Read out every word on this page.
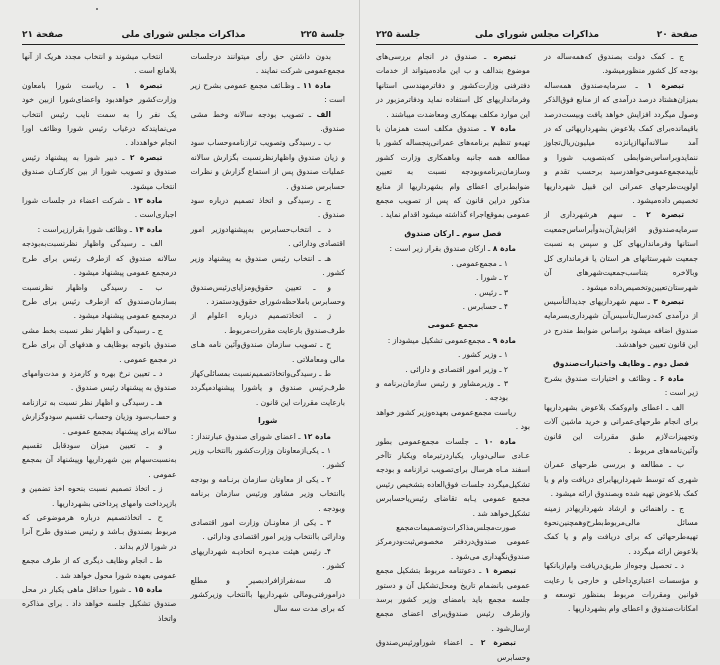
جلسة ۲۲۵
مذاکرات مجلس شورای ملی
صفحة ۲۱

بدون داشتن حق رأی میتوانند درجلسات مجمع‌عمومی شرکت نمایند .

مادة ۱۱ ـ وظـائف مجمع عمومی بشرح زیر است :

الف ـ تصویب بودجه سالانه وخط مشی صندوق.

ب ـ رسیدگی وتصویب ترازنامه‌وحساب سود و زیان صندوق واظهارنظرنسبت بگزارش سالانه عملیات صندوق پس از استماع گزارش و نظرات حسابرس صندوق .

ج ـ رسیدگی و اتخاذ تصمیم درباره سود صندوق .

د ـ انتخاب‌حسابرس به‌پیشنهادوزیر امور اقتصادی ودارائی .

هـ ـ انتخاب رئیس صندوق به پیشنهاد وزیر کشور .

و ـ تعیین حقوق‌ومزایای‌رئیس‌صندوق وحسابرس باملاحظه‌شورای حقوق‌ودستمزد .

ز ـ اتخاذتصمیم درباره اعلوام از طرف‌صندوق بارعایت مقررات‌مربوط .

ح ـ تصویب سازمان صندوق‌وآئین نامه هـای مالی ومعاملاتی .

ط ـ رسیدگی‌واتخاذتصمیم‌نسبت بمسائلی‌کهاز طرف‌رئیس صندوق و یاشورا پیشنهادمیگردد بارعایت مقررات این قانون .

شورا

مادة ۱۲ ـ اعضای شورای صندوق عبارتنداز :

۱ ـ یکی‌ازمعاونان وزارت‌کشور باانتخاب وزیر کشور .

۲ ـ یکی از معاونان سازمان برنـامه و بودجه باانتخاب وزیر مشاور ورئیس سازمان برنامه وبودجه .

۳ ـ یکی از معاونـان وزارت امور اقتصادی ودارائی باانتخاب وزیر امور اقتصادی ودارائی .

۴ـ رئیس هیئت مدیـره اتحادیـه شهرداریهای کشور .

۵ـ سه‌نفرازافرادبصیر و مطلع درامورفنی‌ومالی شهرداریها باانتخاب وزیرکشور که برای مدت سه سال

انتخاب میشوند و انتخاب مجدد هریک از آنها بلامانع است .

تبصرة ۱ ـ ریاست شورا بامعاون وزارت‌کشور خواهدبود واعضای‌شورا ازبین خود یک نفر را به سمت نایب رئیس انتخاب می‌نمایندکه درغیاب رئیس شورا وظائف اورا انجام خواهدداد .

تبصرة ۲ ـ دبیر شورا به پیشنهاد رئیس صندوق و تصویب شورا از بین کارکنـان صندوق انتخاب میشود.

مادة ۱۳ ـ شرکت اعضاء در جلسات شورا اجباری‌است .

مادة ۱۴ ـ وظائف شورا بقرارزیراست :

الف ـ رسیدگی واظهار نظرنسبت‌به‌بودجه سالانه صندوق که ازطرف رئیس برای طرح درمجمع عمومی پیشنهاد میشود .

ب ـ رسیدگی واظهار نظرنسبت بسازمان‌صندوق که ازطرف رئیس برای طرح درمجمع عمومی پیشنهاد میشود .

ج ـ رسیدگی و اظهار نظر نسبت بخط مشی صندوق باتوجه بوظایف و هدفهای آن برای طرح در مجمع عمومی .

د ـ تعیین نرخ بهره و کارمزد و مدت‌وامهای صندوق به پیشنهاد رئیس صندوق .

هـ ـ رسیدگی و اظهار نظر نسبت به ترازنامه و حساب‌سود وزیان وحساب تقسیم سودوگزارش سالانه برای پیشنهاد بمجمع عمومی .

و ـ تعیین میزان سودقابل تقسیم به‌نسبت‌سهام بین شهرداریها وپیشنهاد آن بمجمع عمومی .

ز ـ اتخاذ تصمیم نسبت بنحوه اخذ تضمین و بازپرداخت وامهای پرداختی بشهرداریها .

ح ـ اتخاذتصمیم درباره هرموضوعی که مربوط بصندوق بـاشد و رئیس صندوق طرح آنرا در شورا لازم بداند .

ط ـ انجام وظایف دیگری که از طرف مجمع عمومی بعهده شورا محول خواهد شد .

مادة ۱۵ ـ شورا حداقل ماهی یکبار در محل صندوق تشکیل جلسه خواهد داد . برای مذاکره واتخاذ

صفحة ۲۰
مذاکرات مجلس شورای ملی
جلسة ۲۲۵

ج ـ کمک دولت بصندوق که‌همه‌ساله در بودجه کل کشور منظورمیشود.

تبصرة ۱ ـ سرمایه‌صندوق همه‌ساله بمیزان‌هشتاد درصد درآمدی که از منابع فوق‌الذکر وصول میگردد افزایش خواهد یافت وبیست‌درصد باقیمانده‌برای کمک بلاعوض بشهرداریهائی که در آمد سالانه‌آنهاازپانزده میلیون‌ریال‌تجاوز ننمایدوبراساس‌ضوابطی که‌بتصویب شورا و تأییدمجمع‌عمومی‌خواهدرسید برحسب تقدم و اولویت‌طرحهای عمرانی این قبیل شهرداریها تخصیص داده‌میشود .

تبصرة ۲ ـ سهم هرشهرداری از سرمایه‌صندوق‌و افزایش‌آن‌بدواًبراساس‌جمعیت استانها وفرمانداریهای کل و سپس به نسبت جمعیت شهرستانهای هر استان یا فرمانداری کل وبالاخره بتناسب‌جمعیت‌شهرهای آن شهرستان‌تعیین‌وتخصیص‌داده میشود .

تبصرة ۳ ـ سهم شهرداریهای جدیدالتأسیس از درآمدی که‌درسال‌تأسیس‌آن شهرداری‌بسرمایه صندوق اضافه میشود براساس ضوابط مندرج در این قانون تعیین خواهدشد.

فصل دوم ـ وظایف واختیارات‌صندوق

مادة ۶ ـ وظائف و اختیارات صندوق بشرح زیر است :

الف ـ اعطای وام‌وکمک بلاعوض بشهرداریها برای انجام طرحهای‌عمرانی و خرید ماشین آلات وتجهیزات‌لازم طبق مقررات این قانون وآئین‌نامه‌های مربوط .

ب ـ مطالعه و بررسی طرحهای عمران شهری که توسط شهرداریهابرای دریافت وام و یا کمک بلاعوض تهیه شده وبصندوق ارائه میشود .

ج ـ راهنمائی و ارشاد شهرداریهادر زمینه مسائل مالی‌مربوط‌بطرح‌وهمچنین‌نحوة تهیه‌طرحهائی که برای دریافت وام و یا کمک بلاعوض ارائه میگردد .

د ـ تحصیل وجوه‌از طریق‌دریافت وام‌ازبانکها و مؤسسات اعتباری‌داخلی و خارجی با رعایت قوانین ومقررات مربوط بمنظور توسعه و امکانات‌صندوق و اعطای وام بشهرداریها .

تبصره ـ صندوق در انجام بررسی‌های موضوع بندالف و ب این ماده‌میتواند از خدمات دفترفنی وزارت‌کشور و دفاترمهندسی استانها وفرمانداریهای کل استفاده نماید ودفاترمزبور در این موارد مکلف بهمکاری ومعاضدت میباشند .

مادة ۷ ـ صندوق مکلف است همزمان با تهیه‌و تنظیم برنامه‌های عمرانی‌پنجساله کشور با مطالعه همه جانبه وباهمکاری وزارت کشور وسازمان‌برنامه‌وبودجه نسبت به تعیین ضوابط‌برای اعطای وام بشهرداریها از منابع مذکور دراین قانون که پس از تصویب مجمع عمومی بموقع‌اجراء گذاشته میشود اقدام نماید .

فصل سوم ـ ارکان صندوق

مادة ۸ ـ ارکان صندوق بقرار زیر است :

۱ ـ مجمع‌عمومی .

۲ ـ شورا .

۳ ـ رئیس .

۴ ـ حسابرس .

مجمع عمومی

مادة ۹ ـ مجمع‌عمومی تشکیل میشوداز :

۱ ـ وزیر کشور .

۲ ـ وزیر امور اقتصادی و دارائی .

۳ ـ وزیرمشاور و رئیس سازمان‌برنامه و بودجه .

ریاست مجمع‌عمومی بعهده‌وزیر کشور خواهد بود .

مادة ۱۰ ـ جلسات مجمع‌عمومی بطور عـادی سالی‌دوبار، یکبار‌درتیرماه ویکبار تاآخر اسفند مـاه هرسال برای‌تصویب ترازنامه و بودجه تشکیل‌میگردد جلسات فوق‌العاده بتشخیص رئیس مجمع عمومی یـابه تقاضای رئیس‌یاحسابرس تشکیل‌خواهد شد .

صورت‌مجلس‌مذاکرات‌وتصمیمات‌مجمع عمومی صندوق‌دردفتر مخصوص‌ثبت‌ودرمرکز صندوق‌نگهداری می‌شود .

تبصرة ۱ ـ دعوتنامه مربوط بتشکیل مجمع عمومی بانضمام تاریخ ومحل‌تشکیل آن و دستور جلسه مجمع باید بامضای وزیر کشور برسد وازطرف رئیس صندوق‌برای اعضای مجمع ارسال‌شود .

تبصرة ۲ ـ اعضاء شوراورئیس‌صندوق وحسابرس
